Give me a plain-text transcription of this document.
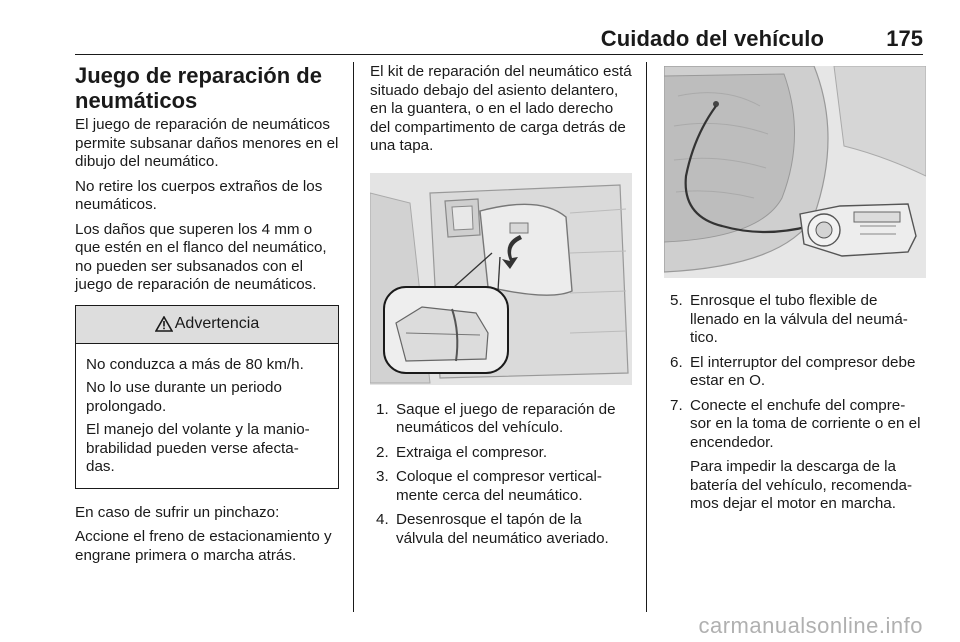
Cuidado del vehículo	175
Juego de reparación de
neumáticos

El juego de reparación de neumáticos permite subsanar daños menores en el dibujo del neumático.

No retire los cuerpos extraños de los neumáticos.

Los daños que superen los 4 mm o que estén en el flanco del neumático, no pueden ser subsanados con el juego de reparación de neumáticos.

Advertencia

No conduzca a más de 80 km/h.

No lo use durante un periodo prolongado.

El manejo del volante y la manio- brabilidad pueden verse afecta- das.

En caso de sufrir un pinchazo:

Accione el freno de estacionamiento y engrane primera o marcha atrás.

El kit de reparación del neumático está situado debajo del asiento delantero, en la guantera, o en el lado derecho del compartimento de carga detrás de una tapa.

1. Saque el juego de reparación de neumáticos del vehículo.
2. Extraiga el compresor.
3. Coloque el compresor vertical- mente cerca del neumático.
4. Desenrosque el tapón de la válvula del neumático averiado.
5. Enrosque el tubo flexible de llenado en la válvula del neumá- tico.
6. El interruptor del compresor debe estar en O.
7. Conecte el enchufe del compre- sor en la toma de corriente o en el encendedor.
Para impedir la descarga de la batería del vehículo, recomenda- mos dejar el motor en marcha.
carmanualsonline.info
